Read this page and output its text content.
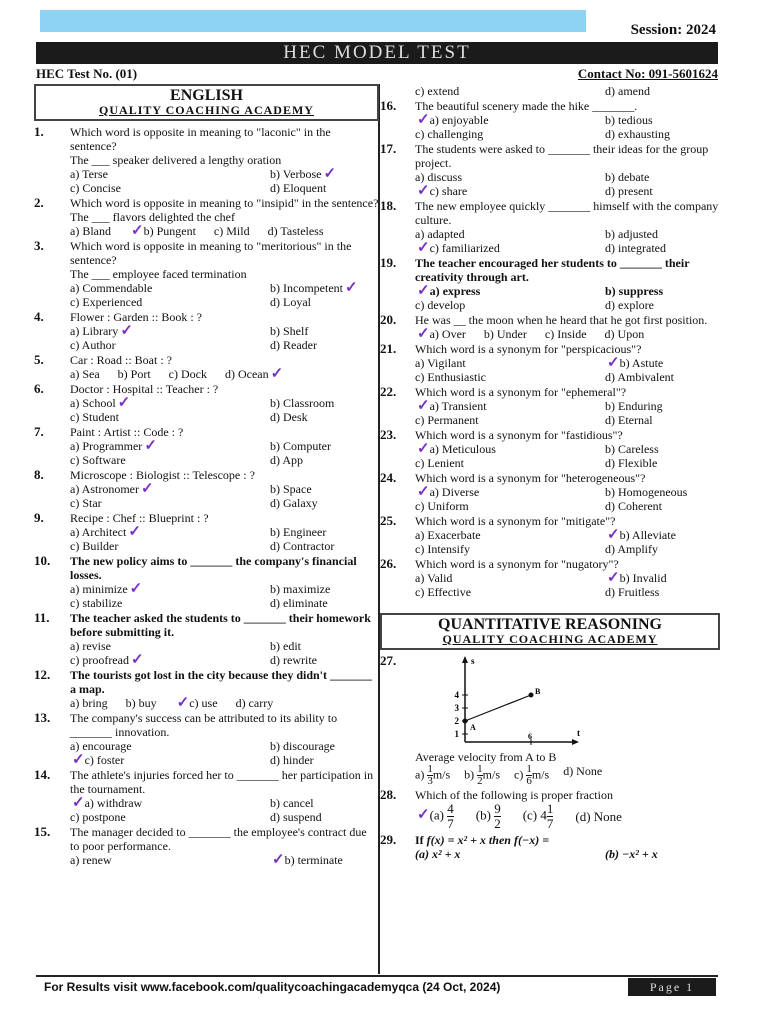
Session: 2024
HEC MODEL TEST
HEC Test No. (01)	Contact No: 091-5601624
ENGLISH
QUALITY COACHING ACADEMY
1. Which word is opposite in meaning to "laconic" in the sentence?
The ___ speaker delivered a lengthy oration
a) Terse	b) Verbose ✓
c) Concise	d) Eloquent
2. Which word is opposite in meaning to "insipid" in the sentence?
The ___ flavors delighted the chef
a) Bland ✓b) Pungent c) Mild d) Tasteless
3. Which word is opposite in meaning to "meritorious" in the sentence?
The ___ employee faced termination
a) Commendable	b) Incompetent ✓
c) Experienced	d) Loyal
4. Flower : Garden :: Book : ?
a) Library ✓	b) Shelf
c) Author	d) Reader
5. Car : Road :: Boat : ?
a) Sea b) Port c) Dock d) Ocean ✓
6. Doctor : Hospital :: Teacher : ?
a) School ✓	b) Classroom
c) Student	d) Desk
7. Paint : Artist :: Code : ?
a) Programmer ✓	b) Computer
c) Software	d) App
8. Microscope : Biologist :: Telescope : ?
a) Astronomer ✓	b) Space
c) Star	d) Galaxy
9. Recipe : Chef :: Blueprint : ?
a) Architect ✓	b) Engineer
c) Builder	d) Contractor
10. The new policy aims to _______ the company's financial losses.
a) minimize ✓	b) maximize
c) stabilize	d) eliminate
11. The teacher asked the students to _______ their homework before submitting it.
a) revise	b) edit
c) proofread ✓	d) rewrite
12. The tourists got lost in the city because they didn't _______ a map.
a) bring b) buy ✓c) use d) carry
13. The company's success can be attributed to its ability to _______ innovation.
a) encourage	b) discourage
✓c) foster	d) hinder
14. The athlete's injuries forced her to _______ her participation in the tournament.
✓a) withdraw	b) cancel
c) postpone	d) suspend
15. The manager decided to _______ the employee's contract due to poor performance.
a) renew	✓b) terminate
c) extend	d) amend
16. The beautiful scenery made the hike _______.
✓a) enjoyable	b) tedious
c) challenging	d) exhausting
17. The students were asked to _______ their ideas for the group project.
a) discuss	b) debate
✓c) share	d) present
18. The new employee quickly _______ himself with the company culture.
a) adapted	b) adjusted
✓c) familiarized	d) integrated
19. The teacher encouraged her students to _______ their creativity through art.
✓a) express	b) suppress
c) develop	d) explore
20. He was __ the moon when he heard that he got first position.
✓a) Over b) Under c) Inside d) Upon
21. Which word is a synonym for "perspicacious"?
a) Vigilant	✓b) Astute
c) Enthusiastic	d) Ambivalent
22. Which word is a synonym for "ephemeral"?
✓a) Transient	b) Enduring
c) Permanent	d) Eternal
23. Which word is a synonym for "fastidious"?
✓a) Meticulous	b) Careless
c) Lenient	d) Flexible
24. Which word is a synonym for "heterogeneous"?
✓a) Diverse	b) Homogeneous
c) Uniform	d) Coherent
25. Which word is a synonym for "mitigate"?
a) Exacerbate	✓b) Alleviate
c) Intensify	d) Amplify
26. Which word is a synonym for "nugatory"?
a) Valid	✓b) Invalid
c) Effective	d) Fruitless
QUANTITATIVE REASONING
QUALITY COACHING ACADEMY
27.	s
t
4
3
2
1	6
A
B
Average velocity from A to B
$a) \frac{1}{3} m/s$ $b) \frac{1}{2} m/s$ $c) \frac{1}{6} m/s$ d) None
28. Which of the following is proper fraction
✓(a) $\frac{4}{7} (b) \frac{9}{2} (c)$ $4 \frac{1}{7} (d)$ None
29. If f(x) = x² + x then f(−x) =
(a) x² + x	(b) −x² + x
For Results visit www.facebook.com/qualitycoachingacademyqca (24 Oct, 2024)	Page 1
